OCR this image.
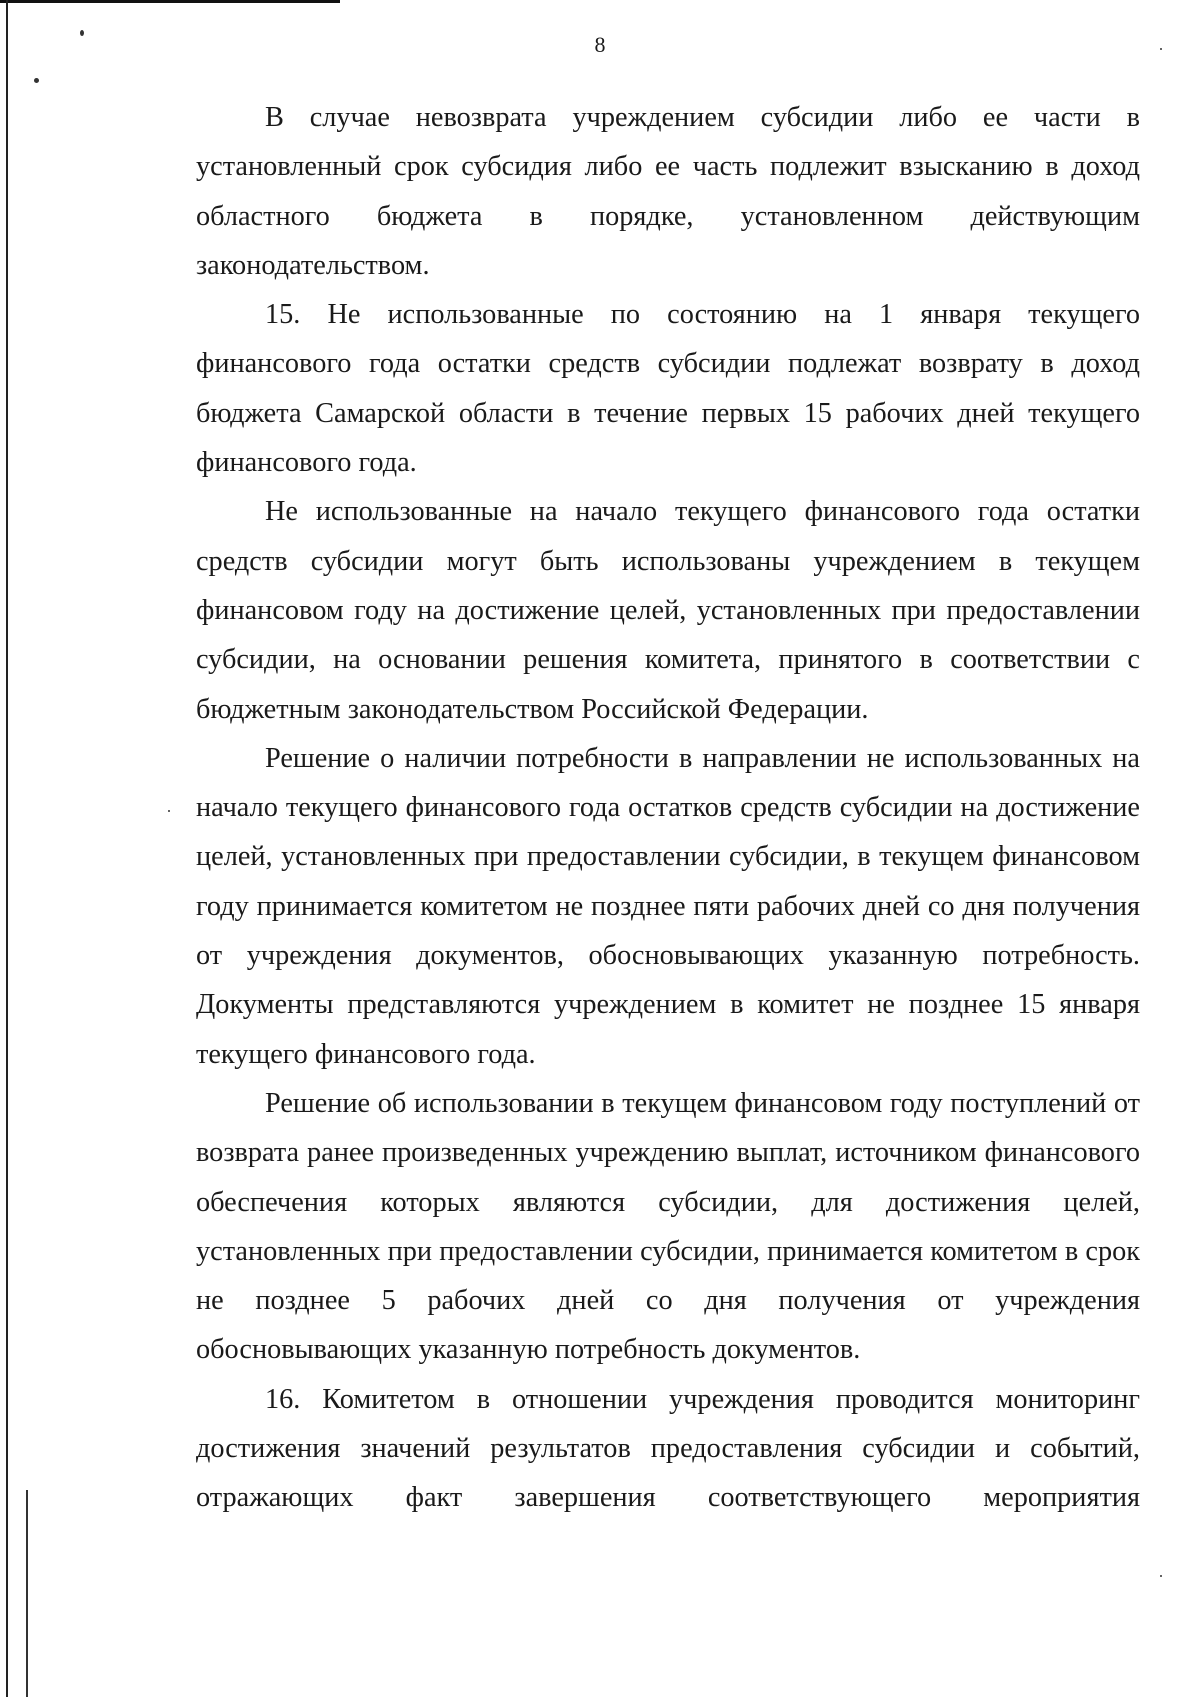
8

В случае невозврата учреждением субсидии либо ее части в установленный срок субсидия либо ее часть подлежит взысканию в доход областного бюджета в порядке, установленном действующим законодательством.

15. Не использованные по состоянию на 1 января текущего финансового года остатки средств субсидии подлежат возврату в доход бюджета Самарской области в течение первых 15 рабочих дней текущего финансового года.

Не использованные на начало текущего финансового года остатки средств субсидии могут быть использованы учреждением в текущем финансовом году на достижение целей, установленных при предоставлении субсидии, на основании решения комитета, принятого в соответствии с бюджетным законодательством Российской Федерации.

Решение о наличии потребности в направлении не использованных на начало текущего финансового года остатков средств субсидии на достижение целей, установленных при предоставлении субсидии, в текущем финансовом году принимается комитетом не позднее пяти рабочих дней со дня получения от учреждения документов, обосновывающих указанную потребность. Документы представляются учреждением в комитет не позднее 15 января текущего финансового года.

Решение об использовании в текущем финансовом году поступлений от возврата ранее произведенных учреждению выплат, источником финансового обеспечения которых являются субсидии, для достижения целей, установленных при предоставлении субсидии, принимается комитетом в срок не позднее 5 рабочих дней со дня получения от учреждения обосновывающих указанную потребность документов.

16. Комитетом в отношении учреждения проводится мониторинг достижения значений результатов предоставления субсидии и событий, отражающих факт завершения соответствующего мероприятия
